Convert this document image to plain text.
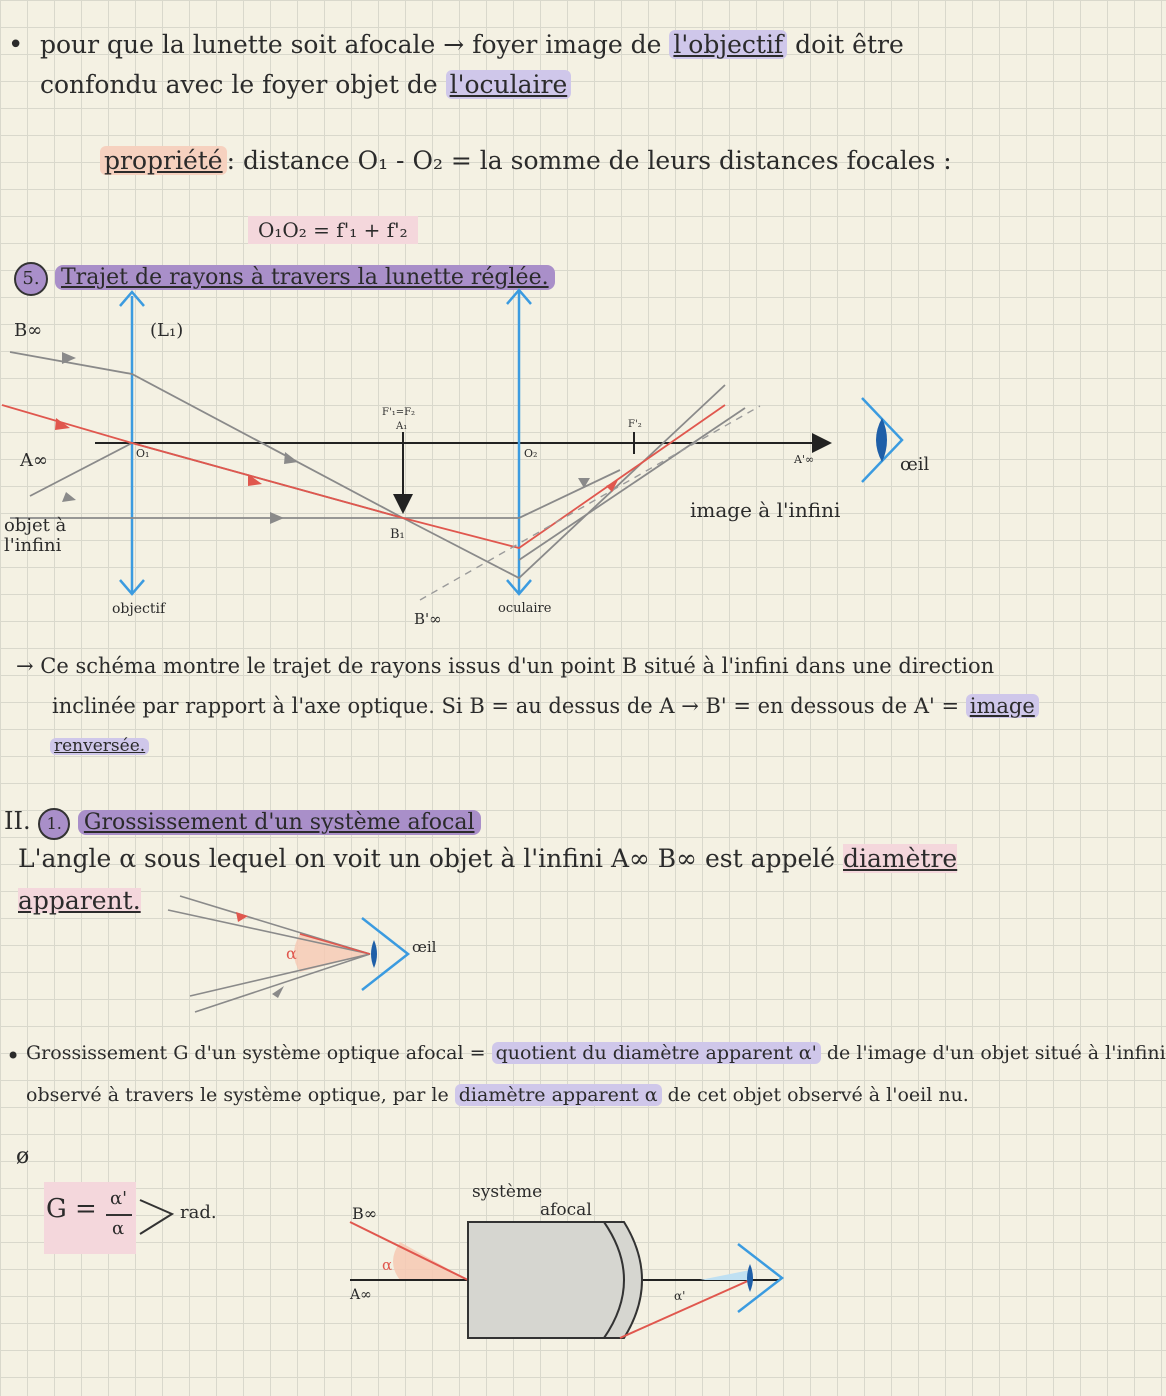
• pour que la lunette soit afocale → foyer image de l'objectif doit être
confondu avec le foyer objet de l'oculaire
propriété : distance O₁ - O₂ = la somme de leurs distances focales :
O₁O₂ = f'₁ + f'₂
5. Trajet de rayons à travers la lunette réglée.
B∞	(L₁)
A∞	O₁
F'₁=F₂
A₁
B₁
O₂
F'₂
A'∞	œil
objet à
l'infini
objectif
B'∞
oculaire
image à l'infini
→ Ce schéma montre le trajet de rayons issus d'un point B situé à l'infini dans une direction
inclinée par rapport à l'axe optique. Si B = au dessus de A → B' = en dessous de A' = image
renversée.
II. 1. Grossissement d'un système afocal
L'angle α sous lequel on voit un objet à l'infini A∞ B∞ est appelé diamètre
apparent.
α	œil
• Grossissement G d'un système optique afocal = quotient du diamètre apparent α' de l'image d'un objet situé à l'infini
observé à travers le système optique, par le diamètre apparent α de cet objet observé à l'oeil nu.
ø
G = α'
α
rad.	B∞
A∞
α
système
afocal
α'
